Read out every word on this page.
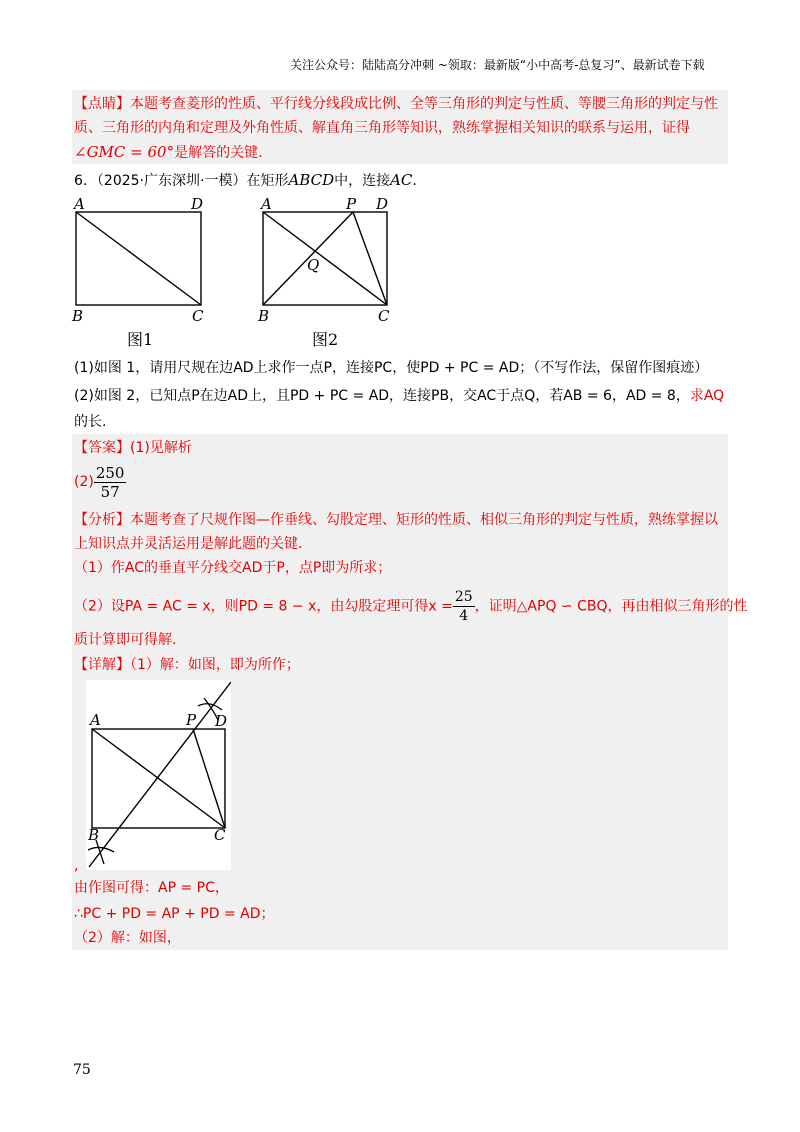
关注公众号：陆陆高分冲刺 ~领取：最新版“小中高考-总复习”、最新试卷下载
【点睛】本题考查菱形的性质、平行线分线段成比例、全等三角形的判定与性质、等腰三角形的判定与性
质、三角形的内角和定理及外角性质、解直角三角形等知识，熟练掌握相关知识的联系与运用，证得
∠GMC = 60°是解答的关键.
6．（2025·广东深圳·一模）在矩形ABCD中，连接AC.
A	D
B	C
图1
A	P D
Q
B	C
图2
(1)如图 1，请用尺规在边AD上求作一点P，连接PC，使PD + PC = AD；（不写作法，保留作图痕迹）
(2)如图 2，已知点P在边AD上，且PD + PC = AD，连接PB，交AC于点Q，若AB = 6，AD = 8，求AQ
的长.
【答案】(1)见解析
$(2) \frac{250}{57}$
【分析】本题考查了尺规作图—作垂线、勾股定理、矩形的性质、相似三角形的判定与性质，熟练掌握以
上知识点并灵活运用是解此题的关键.
（1）作AC的垂直平分线交AD于P，点P即为所求；
（2）设PA = AC = x，则PD = 8 − x，由勾股定理可得$x = \frac{25}{4}$ ，证明△APQ ∽ CBQ，再由相似三角形的性
质计算即可得解.
【详解】（1）解：如图，即为所作；
A	P D
B	C
,
由作图可得：AP = PC，
∴PC + PD = AP + PD = AD；
（2）解：如图，
75
